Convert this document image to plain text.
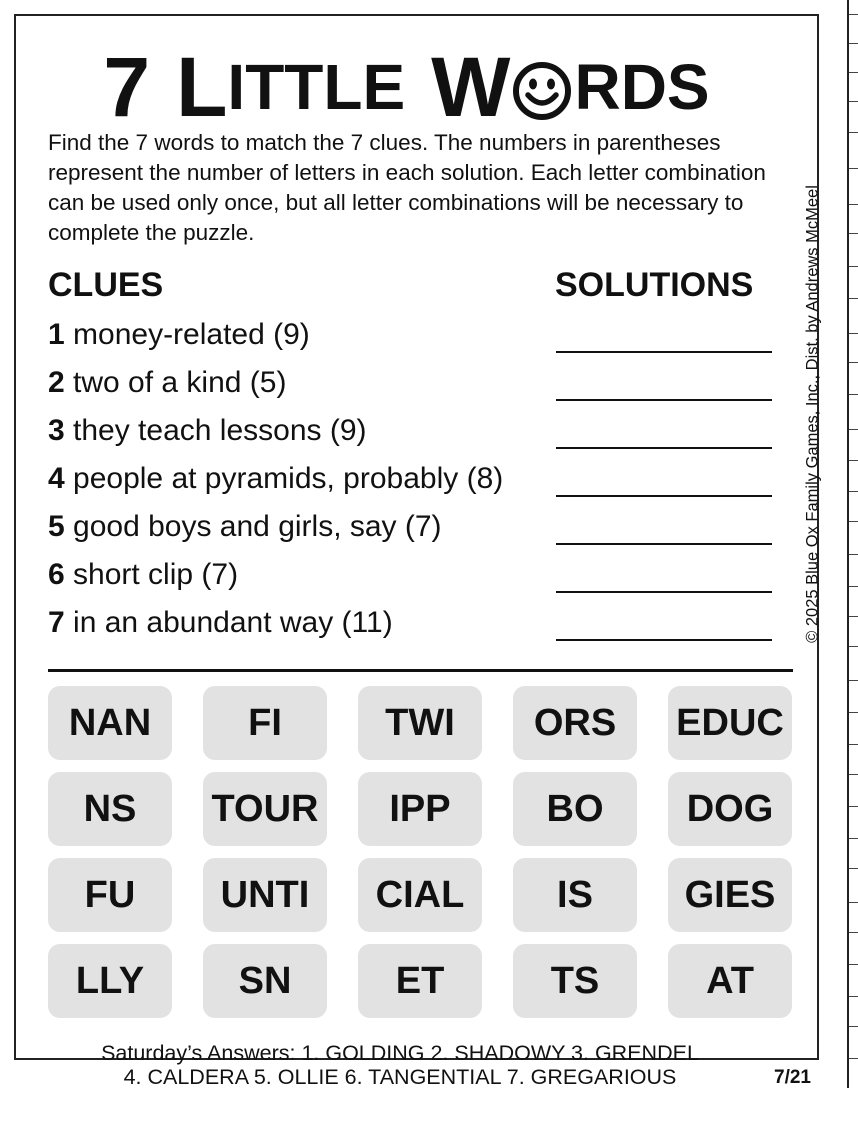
7 L ITTLE W RDS
Find the 7 words to match the 7 clues. The numbers in parentheses represent the number of letters in each solution. Each letter combination can be used only once, but all letter combinations will be necessary to complete the puzzle.
CLUES	SOLUTIONS
1 money-related (9)
2 two of a kind (5)
3 they teach lessons (9)
4 people at pyramids, probably (8)
5 good boys and girls, say (7)
6 short clip (7)
7 in an abundant way (11)
NAN	FI	TWI	ORS	EDUC
NS	TOUR	IPP	BO	DOG
FU	UNTI	CIAL	IS	GIES
LLY	SN	ET	TS	AT
Saturday’s Answers: 1. GOLDING 2. SHADOWY 3. GRENDEL
4. CALDERA 5. OLLIE 6. TANGENTIAL 7. GREGARIOUS	7/21
© 2025 Blue Ox Family Games, Inc., Dist. by Andrews McMeel
